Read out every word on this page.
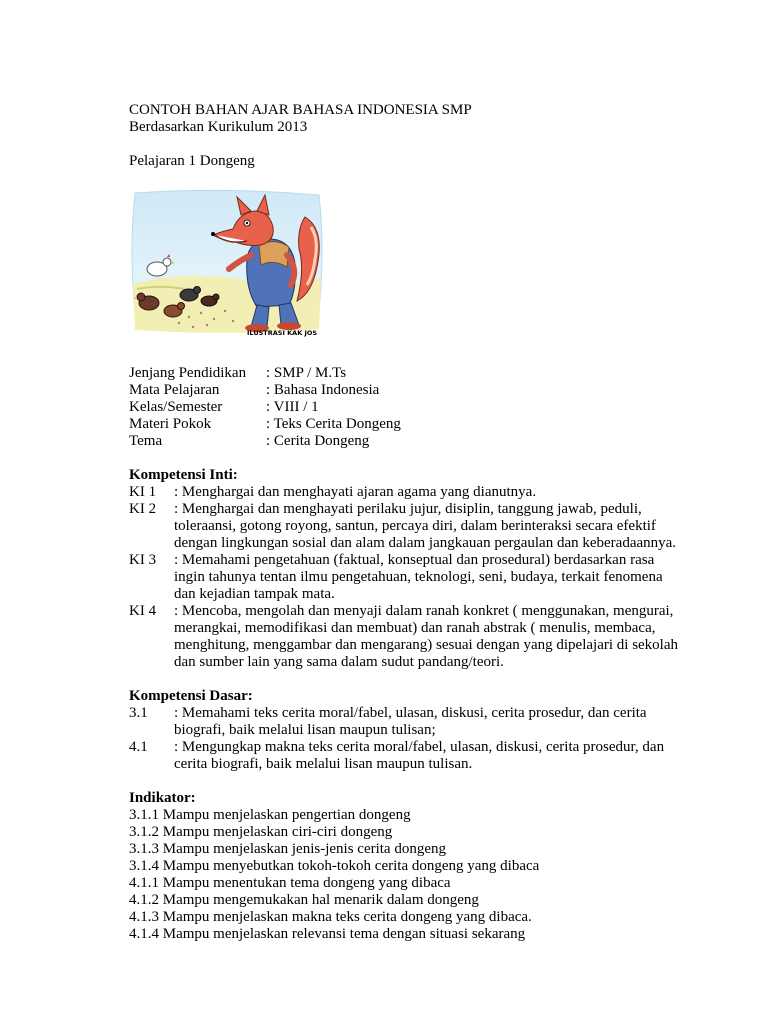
CONTOH BAHAN AJAR BAHASA INDONESIA SMP
Berdasarkan Kurikulum 2013
Pelajaran 1 Dongeng
ILUSTRASI KAK JOS
Jenjang Pendidikan	: SMP / M.Ts
Mata Pelajaran	: Bahasa Indonesia
Kelas/Semester	: VIII / 1
Materi Pokok	: Teks Cerita Dongeng
Tema	: Cerita Dongeng
Kompetensi Inti:
KI 1	: Menghargai dan menghayati ajaran agama yang dianutnya.
KI 2	: Menghargai dan menghayati perilaku jujur, disiplin, tanggung jawab, peduli,
toleraansi, gotong royong, santun, percaya diri, dalam berinteraksi secara efektif
dengan lingkungan sosial dan alam dalam jangkauan pergaulan dan keberadaannya.
KI 3	: Memahami pengetahuan (faktual, konseptual dan prosedural) berdasarkan rasa
ingin tahunya tentan ilmu pengetahuan, teknologi, seni, budaya, terkait fenomena
dan kejadian tampak mata.
KI 4	: Mencoba, mengolah dan menyaji dalam ranah konkret ( menggunakan, mengurai,
merangkai, memodifikasi dan membuat) dan ranah abstrak ( menulis, membaca,
menghitung, menggambar dan mengarang) sesuai dengan yang dipelajari di sekolah
dan sumber lain yang sama dalam sudut pandang/teori.
Kompetensi Dasar:
3.1	: Memahami teks cerita moral/fabel, ulasan, diskusi, cerita prosedur, dan cerita
biografi, baik melalui lisan maupun tulisan;
4.1	: Mengungkap makna teks cerita moral/fabel, ulasan, diskusi, cerita prosedur, dan
cerita biografi, baik melalui lisan maupun tulisan.
Indikator:
3.1.1 Mampu menjelaskan pengertian dongeng
3.1.2 Mampu menjelaskan ciri-ciri dongeng
3.1.3 Mampu menjelaskan jenis-jenis cerita dongeng
3.1.4 Mampu menyebutkan tokoh-tokoh cerita dongeng yang dibaca
4.1.1 Mampu menentukan tema dongeng yang dibaca
4.1.2 Mampu mengemukakan hal menarik dalam dongeng
4.1.3 Mampu menjelaskan makna teks cerita dongeng yang dibaca.
4.1.4 Mampu menjelaskan relevansi tema dengan situasi sekarang
